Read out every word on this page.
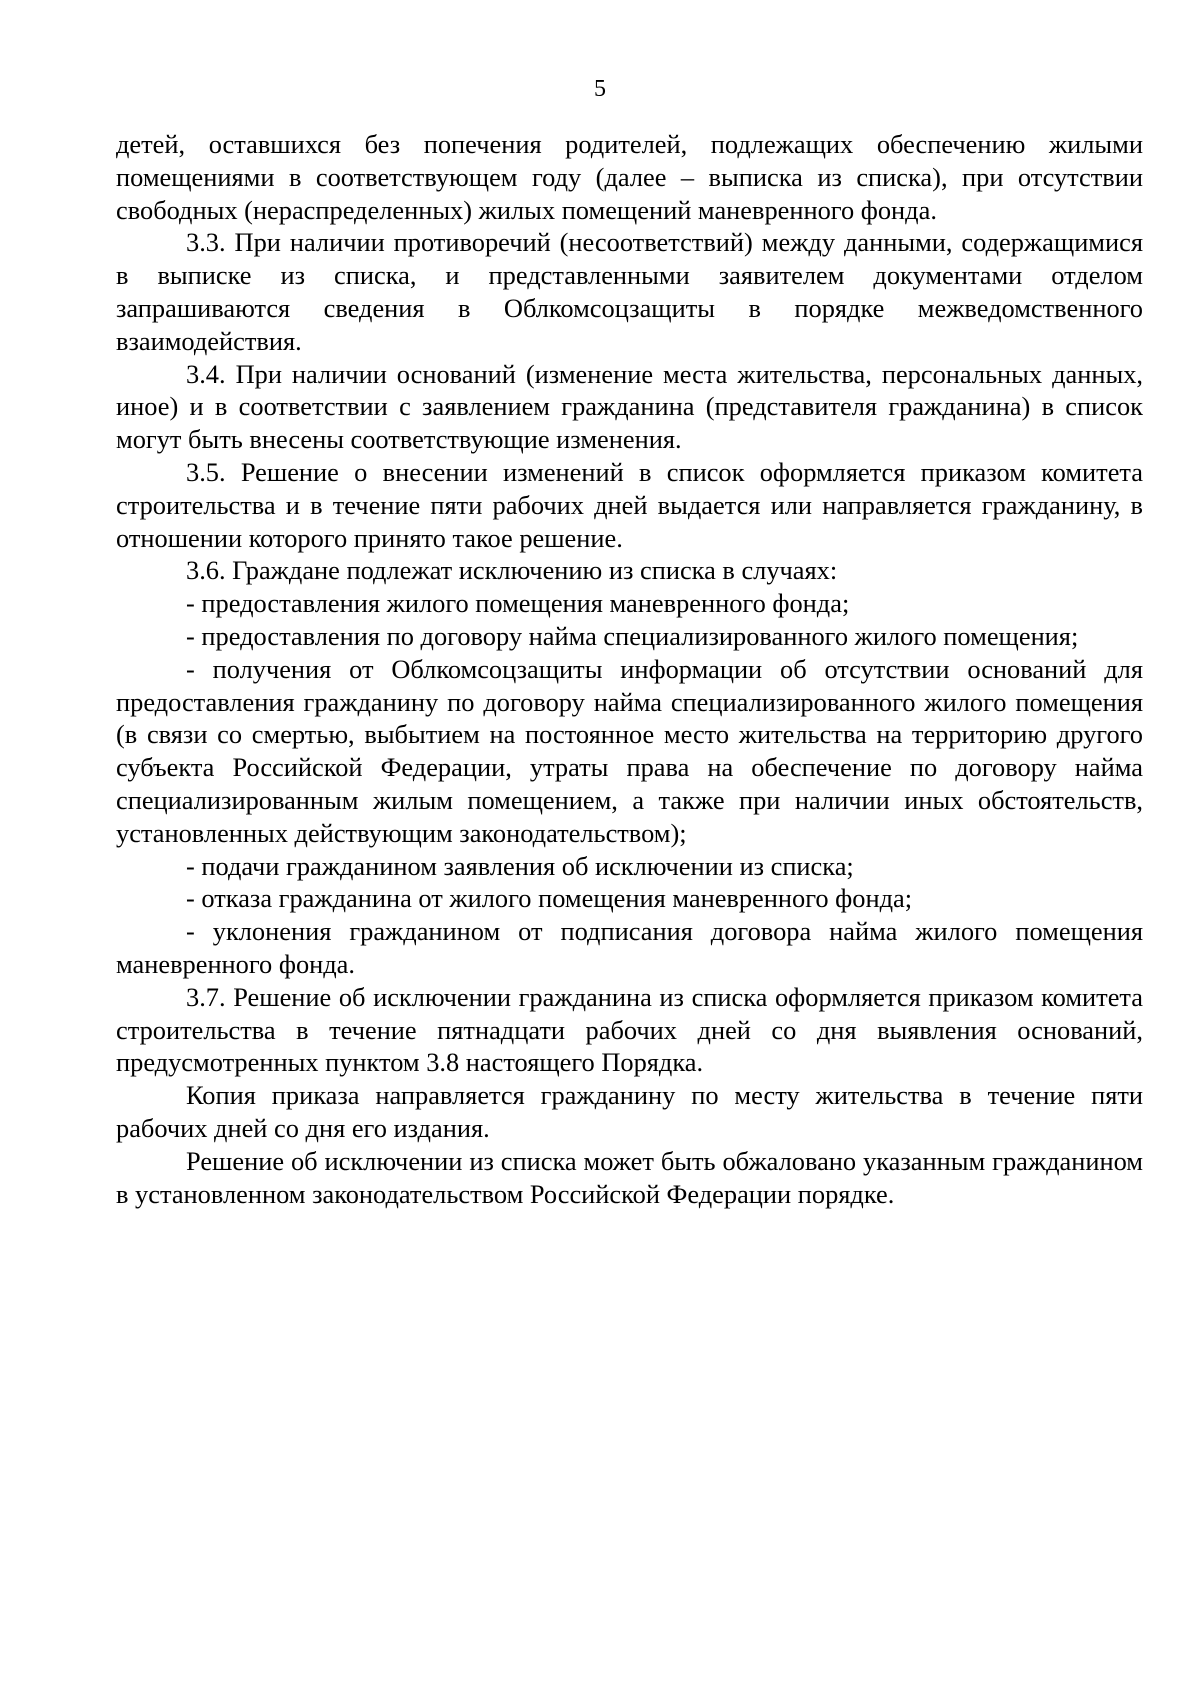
5

детей, оставшихся без попечения родителей, подлежащих обеспечению жилыми помещениями в соответствующем году (далее – выписка из списка), при отсутствии свободных (нераспределенных) жилых помещений маневренного фонда.

3.3. При наличии противоречий (несоответствий) между данными, содержащимися в выписке из списка, и представленными заявителем документами отделом запрашиваются сведения в Облкомсоцзащиты в порядке межведомственного взаимодействия.

3.4. При наличии оснований (изменение места жительства, персональных данных, иное) и в соответствии с заявлением гражданина (представителя гражданина) в список могут быть внесены соответствующие изменения.

3.5. Решение о внесении изменений в список оформляется приказом комитета строительства и в течение пяти рабочих дней выдается или направляется гражданину, в отношении которого принято такое решение.

3.6. Граждане подлежат исключению из списка в случаях:

- предоставления жилого помещения маневренного фонда;

- предоставления по договору найма специализированного жилого помещения;

- получения от Облкомсоцзащиты информации об отсутствии оснований для предоставления гражданину по договору найма специализированного жилого помещения (в связи со смертью, выбытием на постоянное место жительства на территорию другого субъекта Российской Федерации, утраты права на обеспечение по договору найма специализированным жилым помещением, а также при наличии иных обстоятельств, установленных действующим законодательством);

- подачи гражданином заявления об исключении из списка;

- отказа гражданина от жилого помещения маневренного фонда;

- уклонения гражданином от подписания договора найма жилого помещения маневренного фонда.

3.7. Решение об исключении гражданина из списка оформляется приказом комитета строительства в течение пятнадцати рабочих дней со дня выявления оснований, предусмотренных пунктом 3.8 настоящего Порядка.

Копия приказа направляется гражданину по месту жительства в течение пяти рабочих дней со дня его издания.

Решение об исключении из списка может быть обжаловано указанным гражданином в установленном законодательством Российской Федерации порядке.
